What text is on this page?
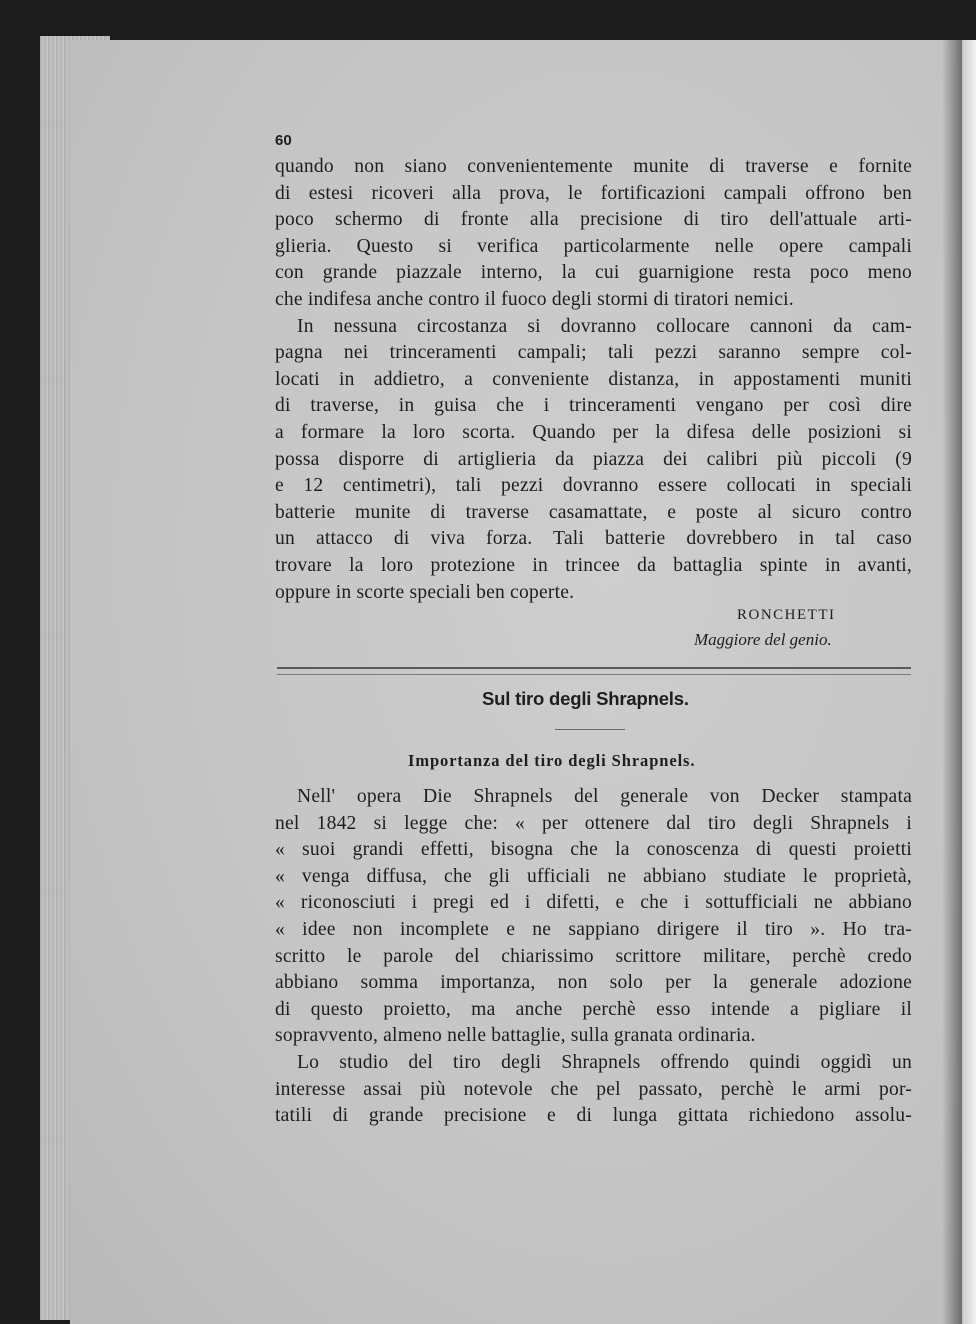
60
quando non siano convenientemente munite di traverse e fornite
di estesi ricoveri alla prova, le fortificazioni campali offrono ben
poco schermo di fronte alla precisione di tiro dell'attuale arti-
glieria. Questo si verifica particolarmente nelle opere campali
con grande piazzale interno, la cui guarnigione resta poco meno
che indifesa anche contro il fuoco degli stormi di tiratori nemici.
In nessuna circostanza si dovranno collocare cannoni da cam-
pagna nei trinceramenti campali; tali pezzi saranno sempre col-
locati in addietro, a conveniente distanza, in appostamenti muniti
di traverse, in guisa che i trinceramenti vengano per così dire
a formare la loro scorta. Quando per la difesa delle posizioni si
possa disporre di artiglieria da piazza dei calibri più piccoli (9
e 12 centimetri), tali pezzi dovranno essere collocati in speciali
batterie munite di traverse casamattate, e poste al sicuro contro
un attacco di viva forza. Tali batterie dovrebbero in tal caso
trovare la loro protezione in trincee da battaglia spinte in avanti,
oppure in scorte speciali ben coperte.
RONCHETTI
Maggiore del genio.
Sul tiro degli Shrapnels.
Importanza del tiro degli Shrapnels.
Nell' opera Die Shrapnels del generale von Decker stampata
nel 1842 si legge che: « per ottenere dal tiro degli Shrapnels i
« suoi grandi effetti, bisogna che la conoscenza di questi proietti
« venga diffusa, che gli ufficiali ne abbiano studiate le proprietà,
« riconosciuti i pregi ed i difetti, e che i sottufficiali ne abbiano
« idee non incomplete e ne sappiano dirigere il tiro ». Ho tra-
scritto le parole del chiarissimo scrittore militare, perchè credo
abbiano somma importanza, non solo per la generale adozione
di questo proietto, ma anche perchè esso intende a pigliare il
sopravvento, almeno nelle battaglie, sulla granata ordinaria.
Lo studio del tiro degli Shrapnels offrendo quindi oggidì un
interesse assai più notevole che pel passato, perchè le armi por-
tatili di grande precisione e di lunga gittata richiedono assolu-
